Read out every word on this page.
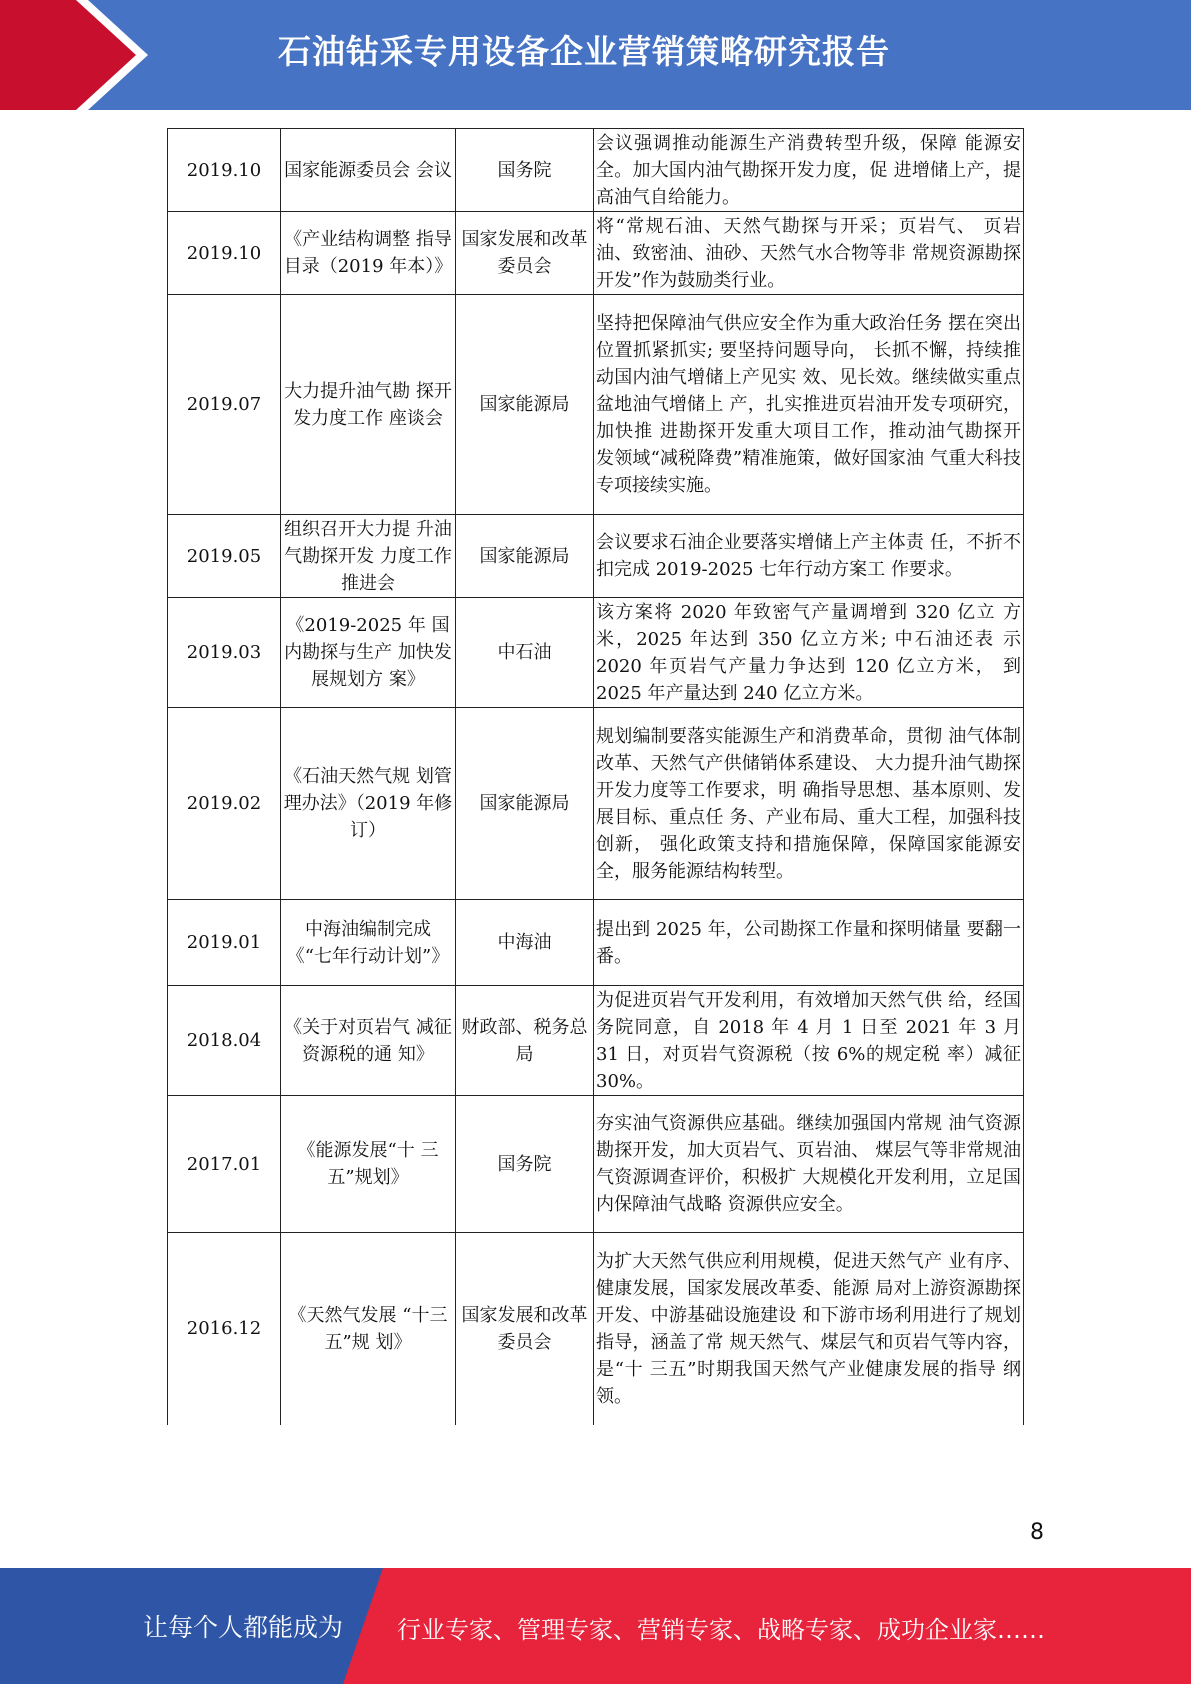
石油钻采专用设备企业营销策略研究报告
2019.10	国家能源委员会 会议	国务院	会议强调推动能源生产消费转型升级，保障 能源安全。加大国内油气勘探开发力度，促 进增储上产，提高油气自给能力。
2019.10	《产业结构调整 指导目录（2019 年本）》	国家发展和改革委员会	将“常规石油、天然气勘探与开采；页岩气、 页岩油、致密油、油砂、天然气水合物等非 常规资源勘探开发”作为鼓励类行业。
2019.07	大力提升油气勘 探开发力度工作 座谈会	国家能源局	坚持把保障油气供应安全作为重大政治任务 摆在突出位置抓紧抓实; 要坚持问题导向， 长抓不懈，持续推动国内油气增储上产见实 效、见长效。继续做实重点盆地油气增储上 产，扎实推进页岩油开发专项研究，加快推 进勘探开发重大项目工作，推动油气勘探开 发领域“减税降费”精准施策，做好国家油 气重大科技专项接续实施。
2019.05	组织召开大力提 升油气勘探开发 力度工作推进会	国家能源局	会议要求石油企业要落实增储上产主体责 任，不折不扣完成 2019-2025 七年行动方案工 作要求。
2019.03	《2019-2025 年 国内勘探与生产 加快发展规划方 案》	中石油	该方案将 2020 年致密气产量调增到 320 亿立 方米，2025 年达到 350 亿立方米; 中石油还表 示 2020 年页岩气产量力争达到 120 亿立方米， 到 2025 年产量达到 240 亿立方米。
2019.02	《石油天然气规 划管理办法》（2019 年修订）	国家能源局	规划编制要落实能源生产和消费革命，贯彻 油气体制改革、天然气产供储销体系建设、 大力提升油气勘探开发力度等工作要求，明 确指导思想、基本原则、发展目标、重点任 务、产业布局、重大工程，加强科技创新， 强化政策支持和措施保障，保障国家能源安 全，服务能源结构转型。
2019.01	中海油编制完成《“七年行动计划”》	中海油	提出到 2025 年，公司勘探工作量和探明储量 要翻一番。
2018.04	《关于对页岩气 减征资源税的通 知》	财政部、税务总局	为促进页岩气开发利用，有效增加天然气供 给，经国务院同意，自 2018 年 4 月 1 日至 2021 年 3 月 31 日，对页岩气资源税（按 6%的规定税 率）减征 30%。
2017.01	《能源发展“十 三五”规划》	国务院	夯实油气资源供应基础。继续加强国内常规 油气资源勘探开发，加大页岩气、页岩油、 煤层气等非常规油气资源调查评价，积极扩 大规模化开发利用，立足国内保障油气战略 资源供应安全。
2016.12	《天然气发展 “十三五”规 划》	国家发展和改革委员会	为扩大天然气供应利用规模，促进天然气产 业有序、健康发展，国家发展改革委、能源 局对上游资源勘探开发、中游基础设施建设 和下游市场利用进行了规划指导，涵盖了常 规天然气、煤层气和页岩气等内容，是“十 三五”时期我国天然气产业健康发展的指导 纲领。
8
让每个人都能成为 行业专家、管理专家、营销专家、战略专家、成功企业家……
